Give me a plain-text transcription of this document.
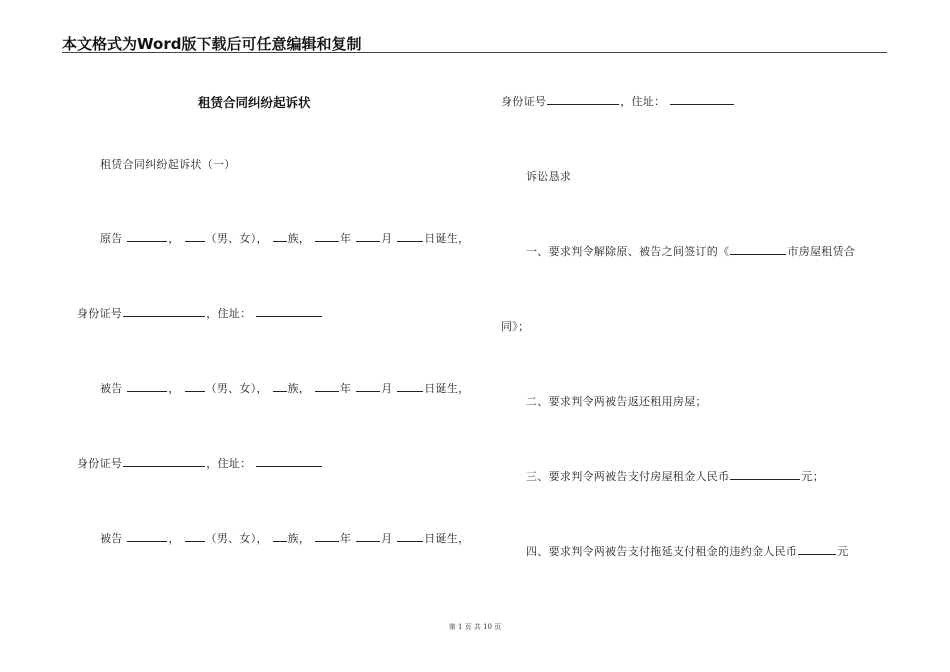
本文格式为Word版下载后可任意编辑和复制
租赁合同纠纷起诉状
租赁合同纠纷起诉状（一）
原告	， （男、女）， 族，	年	月	日诞生，
身份证号	，住址：
被告	， （男、女）， 族，	年	月	日诞生，
身份证号	，住址：
被告	， （男、女）， 族，	年	月	日诞生，
身份证号	，住址：
诉讼恳求
一、要求判令解除原、被告之间签订的《	市房屋租赁合
同》；
二、要求判令两被告返还租用房屋；
三、要求判令两被告支付房屋租金人民币	元；
四、要求判令两被告支付拖延支付租金的违约金人民币	元
第 1 页 共 10 页
